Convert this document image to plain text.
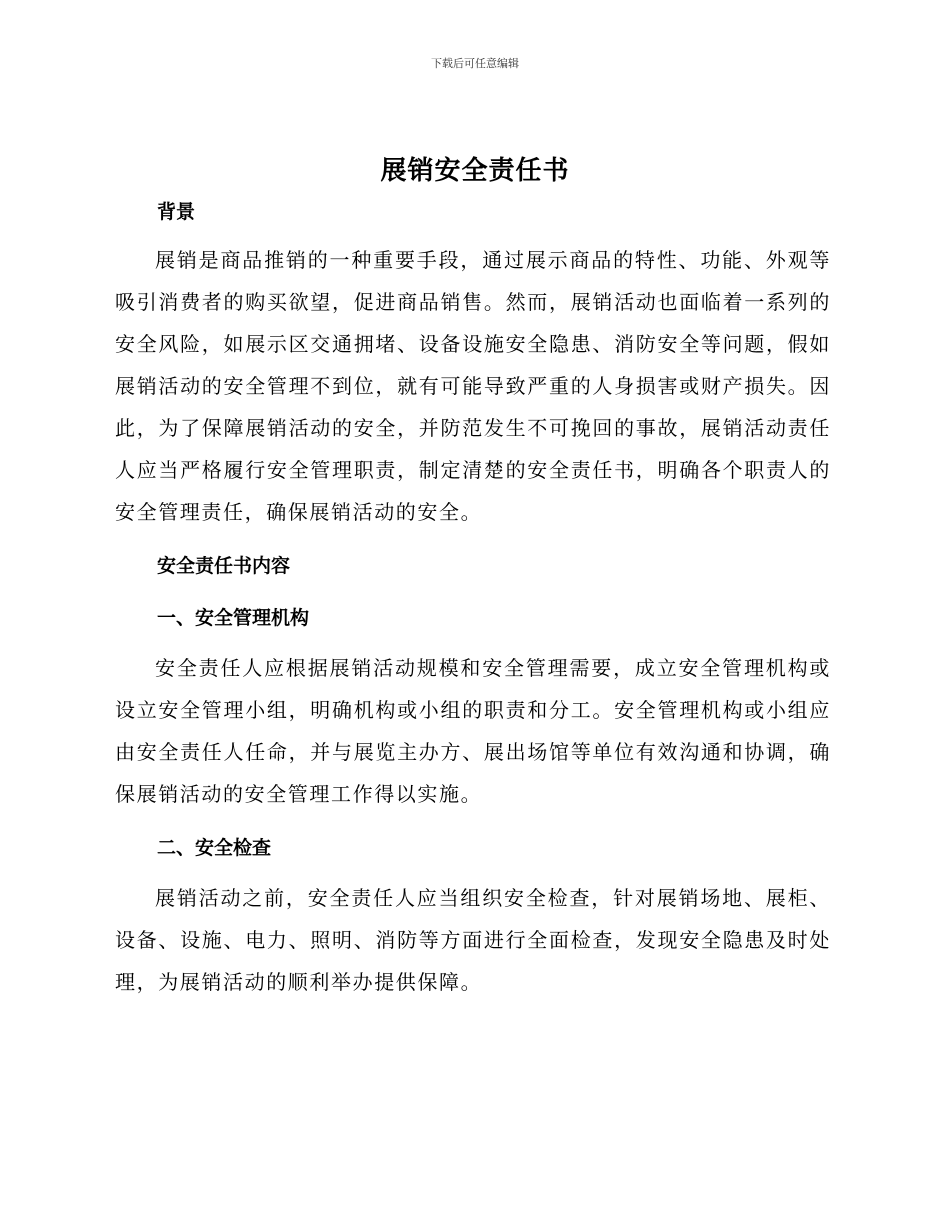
下载后可任意编辑
展销安全责任书
背景

展销是商品推销的一种重要手段，通过展示商品的特性、功能、外观等吸引消费者的购买欲望，促进商品销售。然而，展销活动也面临着一系列的安全风险，如展示区交通拥堵、设备设施安全隐患、消防安全等问题，假如展销活动的安全管理不到位，就有可能导致严重的人身损害或财产损失。因此，为了保障展销活动的安全，并防范发生不可挽回的事故，展销活动责任人应当严格履行安全管理职责，制定清楚的安全责任书，明确各个职责人的安全管理责任，确保展销活动的安全。

安全责任书内容
一、安全管理机构

安全责任人应根据展销活动规模和安全管理需要，成立安全管理机构或设立安全管理小组，明确机构或小组的职责和分工。安全管理机构或小组应由安全责任人任命，并与展览主办方、展出场馆等单位有效沟通和协调，确保展销活动的安全管理工作得以实施。

二、安全检查

展销活动之前，安全责任人应当组织安全检查，针对展销场地、展柜、设备、设施、电力、照明、消防等方面进行全面检查，发现安全隐患及时处理，为展销活动的顺利举办提供保障。
